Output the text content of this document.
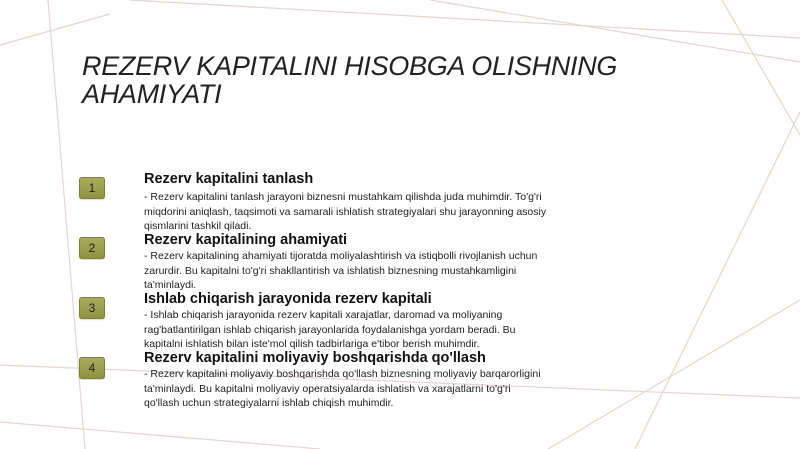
REZERV KAPITALINI HISOBGA OLISHNING AHAMIYATI
1
Rezerv kapitalini tanlash

- Rezerv kapitalini tanlash jarayoni biznesni mustahkam qilishda juda muhimdir. To'g'ri miqdorini aniqlash, taqsimoti va samarali ishlatish strategiyalari shu jarayonning asosiy qismlarini tashkil qiladi.

2	Rezerv kapitalining ahamiyati

- Rezerv kapitalining ahamiyati tijoratda moliyalashtirish va istiqbolli rivojlanish uchun zarurdir. Bu kapitalni to'g'ri shakllantirish va ishlatish biznesning mustahkamligini ta'minlaydi.

3
Ishlab chiqarish jarayonida rezerv kapitali

- Ishlab chiqarish jarayonida rezerv kapitali xarajatlar, daromad va moliyaning rag'batlantirilgan ishlab chiqarish jarayonlarida foydalanishga yordam beradi. Bu kapitalni ishlatish bilan iste'mol qilish tadbirlariga e'tibor berish muhimdir.

4
Rezerv kapitalini moliyaviy boshqarishda qo'llash

- Rezerv kapitalini moliyaviy boshqarishda qo'llash biznesning moliyaviy barqarorligini ta'minlaydi. Bu kapitalni moliyaviy operatsiyalarda ishlatish va xarajatlarni to'g'ri qo'llash uchun strategiyalarni ishlab chiqish muhimdir.
